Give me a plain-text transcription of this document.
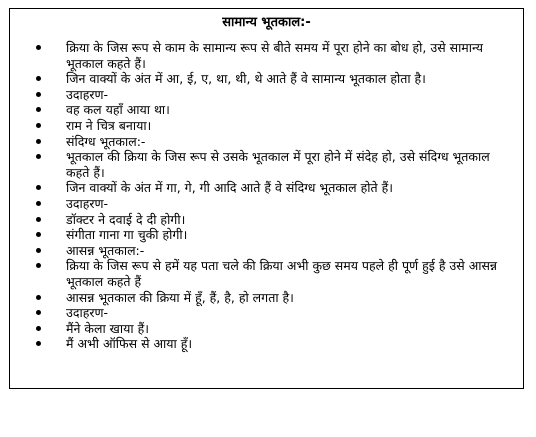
सामान्य भूतकाल:-
क्रिया के जिस रूप से काम के सामान्य रूप से बीते समय में पूरा होने का बोध हो, उसे सामान्य भूतकाल कहते हैं।
जिन वाक्यों के अंत में आ, ई, ए, था, थी, थे आते हैं वे सामान्य भूतकाल होता है।
उदाहरण-
वह कल यहाँ आया था।
राम ने चित्र बनाया।
संदिग्ध भूतकाल:-
भूतकाल की क्रिया के जिस रूप से उसके भूतकाल में पूरा होने में संदेह हो, उसे संदिग्ध भूतकाल कहते हैं।
जिन वाक्यों के अंत में गा, गे, गी आदि आते हैं वे संदिग्ध भूतकाल होते हैं।
उदाहरण-
डॉक्टर ने दवाई दे दी होगी।
संगीता गाना गा चुकी होगी।
आसन्न भूतकाल:-
क्रिया के जिस रूप से हमें यह पता चले की क्रिया अभी कुछ समय पहले ही पूर्ण हुई है उसे आसन्न भूतकाल कहते हैं
आसन्न भूतकाल की क्रिया में हूँ, हैं, है, हो लगता है।
उदाहरण-
मैंने केला खाया हैं।
मैं अभी ऑफिस से आया हूँ।
